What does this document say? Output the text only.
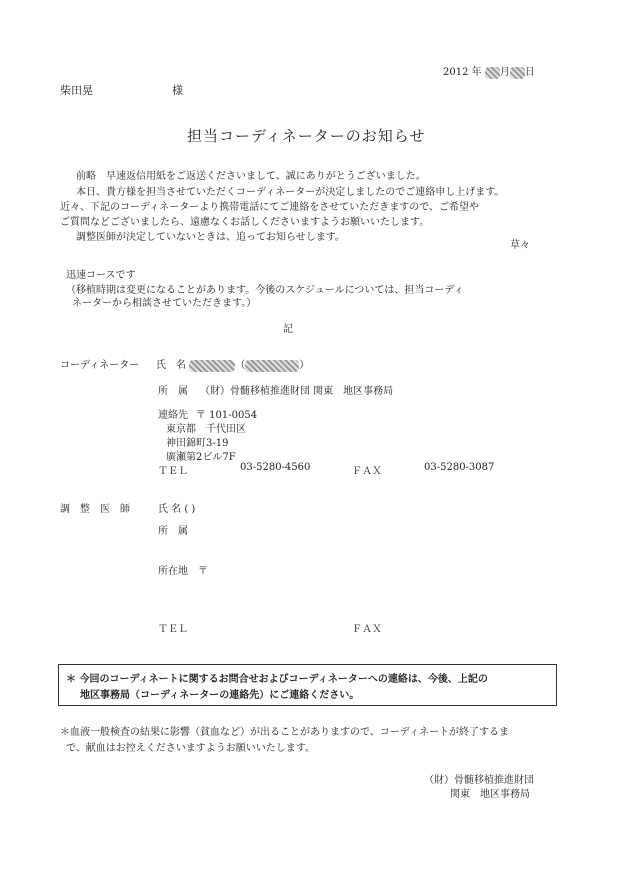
2012 年 月 日
柴田晃	様
担当コーディネーターのお知らせ
前略　早速返信用紙をご返送くださいまして、誠にありがとうございました。
本日、貴方様を担当させていただくコーディネーターが決定しましたのでご連絡申し上げます。
近々、下記のコーディネーターより携帯電話にてご連絡をさせていただきますので、ご希望や
ご質問などございましたら、遠慮なくお話しくださいますようお願いいたします。
調整医師が決定していないときは、追ってお知らせします。
草々
迅速コースです
（移植時期は変更になることがあります。今後のスケジュールについては、担当コーディ
ネーターから相談させていただきます。）
記
コーディネーター 氏　名	（	）
所　属 （財）骨髄移植推進財団 関東　地区事務局
連絡先 〒 101-0054
東京都　千代田区
神田錦町3-19
廣瀬第2ビル7F
ＴＥＬ	03-5280-4560	ＦＡＸ	03-5280-3087
調　整　医　師	氏 名 ( )
所　属
所在地　〒
ＴＥＬ	ＦＡＸ
＊ 今回のコーディネートに関するお問合せおよびコーディネーターへの連絡は、今後、上記の
地区事務局（コーディネーターの連絡先）にご連絡ください。
＊血液一般検査の結果に影響（貧血など）が出ることがありますので、コーディネートが終了するま
で、献血はお控えくださいますようお願いいたします。
（財）骨髄移植推進財団
関東　地区事務局
